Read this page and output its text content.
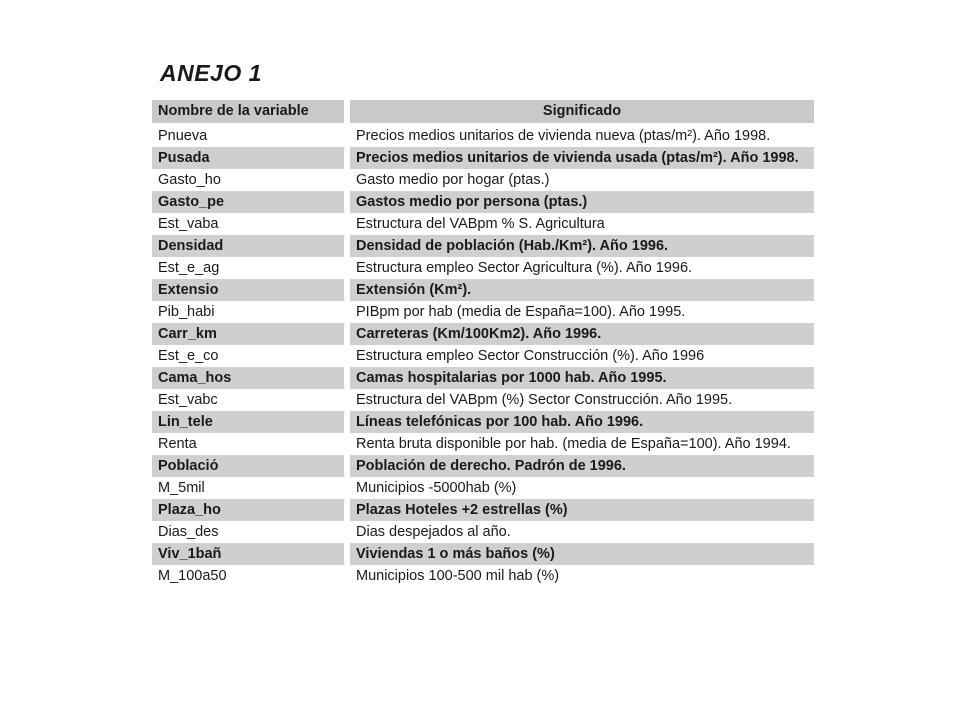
ANEJO 1
Nombre de la variable	Significado
Pnueva	Precios medios unitarios de vivienda nueva (ptas/m²). Año 1998.
Pusada	Precios medios unitarios de vivienda usada (ptas/m²). Año 1998.
Gasto_ho	Gasto medio por hogar (ptas.)
Gasto_pe	Gastos medio por persona (ptas.)
Est_vaba	Estructura del VABpm % S. Agricultura
Densidad	Densidad de población (Hab./Km²). Año 1996.
Est_e_ag	Estructura empleo Sector Agricultura (%). Año 1996.
Extensio	Extensión (Km²).
Pib_habi	PIBpm por hab (media de España=100). Año 1995.
Carr_km	Carreteras (Km/100Km2). Año 1996.
Est_e_co	Estructura empleo Sector Construcción (%). Año 1996
Cama_hos	Camas hospitalarias por 1000 hab. Año 1995.
Est_vabc	Estructura del VABpm (%) Sector Construcción. Año 1995.
Lin_tele	Líneas telefónicas por 100 hab. Año 1996.
Renta	Renta bruta disponible por hab. (media de España=100). Año 1994.
Poblaciό	Población de derecho. Padrón de 1996.
M_5mil	Municipios -5000hab (%)
Plaza_ho	Plazas Hoteles +2 estrellas (%)
Dias_des	Dias despejados al año.
Viv_1bañ	Viviendas 1 o más baños (%)
M_100a50	Municipios 100-500 mil hab (%)
